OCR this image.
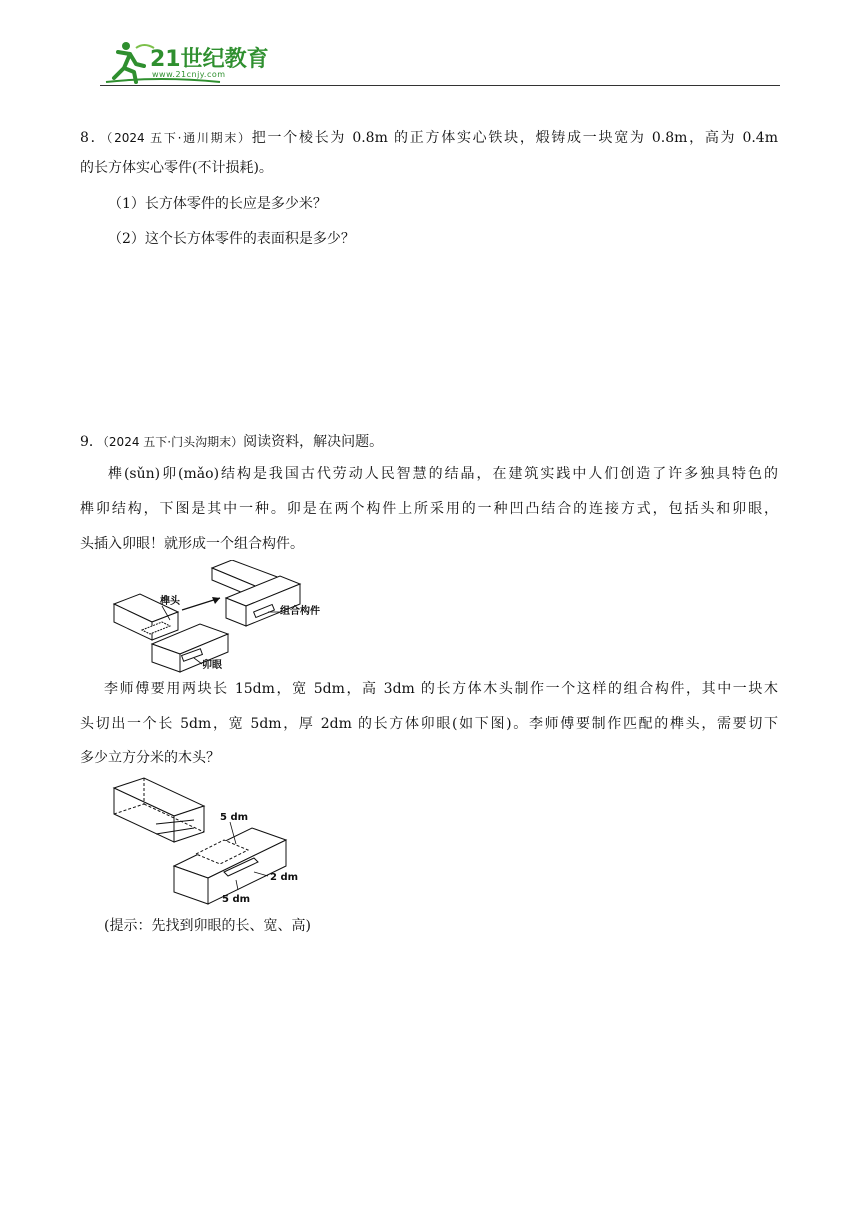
21世纪教育
www.21cnjy.com
8．（2024 五下·通川期末）把一个棱长为 0.8m 的正方体实心铁块，煅铸成一块宽为 0.8m，高为 0.4m
的长方体实心零件(不计损耗)。
（1）长方体零件的长应是多少米？
（2）这个长方体零件的表面积是多少？
9．（2024 五下·门头沟期末）阅读资料，解决问题。
榫(sǔn)卯(mǎo)结构是我国古代劳动人民智慧的结晶，在建筑实践中人们创造了许多独具特色的
榫卯结构，下图是其中一种。卯是在两个构件上所采用的一种凹凸结合的连接方式，包括头和卯眼，
头插入卯眼！就形成一个组合构件。
榫头
组合构件
卯眼
李师傅要用两块长 15dm，宽 5dm，高 3dm 的长方体木头制作一个这样的组合构件，其中一块木
头切出一个长 5dm，宽 5dm，厚 2dm 的长方体卯眼(如下图)。李师傅要制作匹配的榫头，需要切下
多少立方分米的木头？
5 dm
2 dm
5 dm
(提示：先找到卯眼的长、宽、高)
